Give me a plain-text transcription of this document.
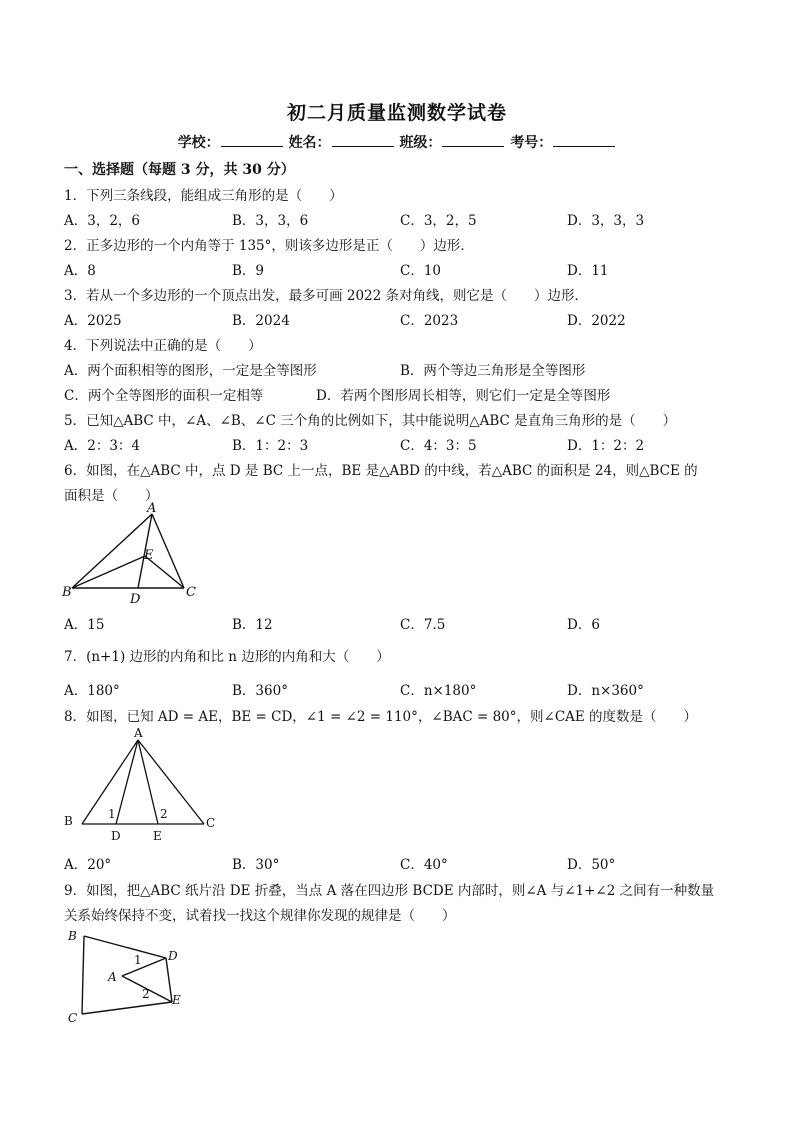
初二月质量监测数学试卷
学校：	姓名：	班级：	考号：
一、选择题（每题 3 分，共 30 分）
1．下列三条线段，能组成三角形的是（　　）
A．3，2，6	B．3，3，6	C．3，2，5	D．3，3，3
2．正多边形的一个内角等于 135°，则该多边形是正（　　）边形．
A．8	B．9	C．10	D．11
3．若从一个多边形的一个顶点出发，最多可画 2022 条对角线，则它是（　　）边形．
A．2025	B．2024	C．2023	D．2022
4．下列说法中正确的是（　　）
A．两个面积相等的图形，一定是全等图形	B．两个等边三角形是全等图形
C．两个全等图形的面积一定相等	D．若两个图形周长相等，则它们一定是全等图形
5．已知△ABC 中，∠A、∠B、∠C 三个角的比例如下，其中能说明△ABC 是直角三角形的是（　　）
A．2：3：4	B．1：2：3	C．4：3：5	D．1：2：2
6．如图，在△ABC 中，点 D 是 BC 上一点，BE 是△ABD 的中线，若△ABC 的面积是 24，则△BCE 的
面积是（　　）
A
E
B	D	C
A．15	B．12	C．7.5	D．6
7．(n+1) 边形的内角和比 n 边形的内角和大（　　）
A．180°	B．360°	C．n×180°	D．n×360°
8．如图，已知 AD = AE，BE = CD，∠1 = ∠2 = 110°，∠BAC = 80°，则∠CAE 的度数是（　　）
A
B	1	2
C
D	E
A．20°	B．30°	C．40°	D．50°
9．如图，把△ABC 纸片沿 DE 折叠，当点 A 落在四边形 BCDE 内部时，则∠A 与∠1+∠2 之间有一种数量
关系始终保持不变，试着找一找这个规律你发现的规律是（　　）
B
D
1
A
2 E
C
